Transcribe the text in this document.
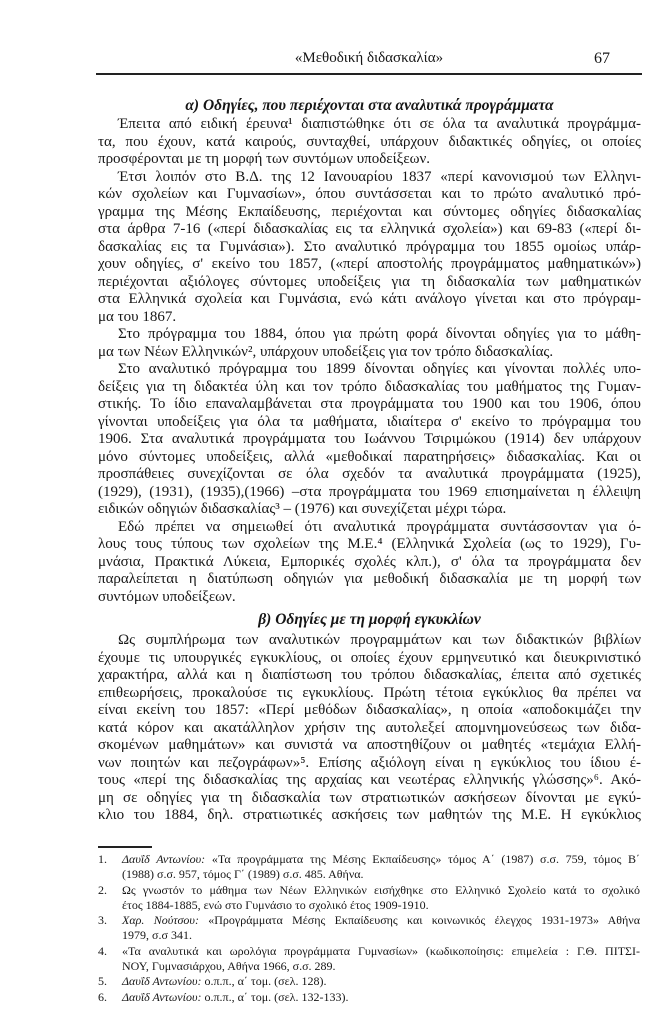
«Μεθοδική διδασκαλία»	67
α) Οδηγίες, που περιέχονται στα αναλυτικά προγράμματα
Έπειτα από ειδική έρευνα¹ διαπιστώθηκε ότι σε όλα τα αναλυτικά προγράμμα-
τα, που έχουν, κατά καιρούς, συνταχθεί, υπάρχουν διδακτικές οδηγίες, οι οποίες
προσφέρονται με τη μορφή των συντόμων υποδείξεων.
Έτσι λοιπόν στο Β.Δ. της 12 Ιανουαρίου 1837 «περί κανονισμού των Ελληνι-
κών σχολείων και Γυμνασίων», όπου συντάσσεται και το πρώτο αναλυτικό πρό-
γραμμα της Μέσης Εκπαίδευσης, περιέχονται και σύντομες οδηγίες διδασκαλίας
στα άρθρα 7-16 («περί διδασκαλίας εις τα ελληνικά σχολεία») και 69-83 («περί δι-
δασκαλίας εις τα Γυμνάσια»). Στο αναλυτικό πρόγραμμα του 1855 ομοίως υπάρ-
χουν οδηγίες, σ' εκείνο του 1857, («περί αποστολής προγράμματος μαθηματικών»)
περιέχονται αξιόλογες σύντομες υποδείξεις για τη διδασκαλία των μαθηματικών
στα Ελληνικά σχολεία και Γυμνάσια, ενώ κάτι ανάλογο γίνεται και στο πρόγραμ-
μα του 1867.
Στο πρόγραμμα του 1884, όπου για πρώτη φορά δίνονται οδηγίες για το μάθη-
μα των Νέων Ελληνικών², υπάρχουν υποδείξεις για τον τρόπο διδασκαλίας.
Στο αναλυτικό πρόγραμμα του 1899 δίνονται οδηγίες και γίνονται πολλές υπο-
δείξεις για τη διδακτέα ύλη και τον τρόπο διδασκαλίας του μαθήματος της Γυμαν-
στικής. Το ίδιο επαναλαμβάνεται στα προγράμματα του 1900 και του 1906, όπου
γίνονται υποδείξεις για όλα τα μαθήματα, ιδιαίτερα σ' εκείνο το πρόγραμμα του
1906. Στα αναλυτικά προγράμματα του Ιωάννου Τσιριμώκου (1914) δεν υπάρχουν
μόνο σύντομες υποδείξεις, αλλά «μεθοδικαί παρατηρήσεις» διδασκαλίας. Και οι
προσπάθειες συνεχίζονται σε όλα σχεδόν τα αναλυτικά προγράμματα (1925),
(1929), (1931), (1935),(1966) –στα προγράμματα του 1969 επισημαίνεται η έλλειψη
ειδικών οδηγιών διδασκαλίας³ – (1976) και συνεχίζεται μέχρι τώρα.
Εδώ πρέπει να σημειωθεί ότι αναλυτικά προγράμματα συντάσσονταν για ό-
λους τους τύπους των σχολείων της Μ.Ε.⁴ (Ελληνικά Σχολεία (ως το 1929), Γυ-
μνάσια, Πρακτικά Λύκεια, Εμπορικές σχολές κλπ.), σ' όλα τα προγράμματα δεν
παραλείπεται η διατύπωση οδηγιών για μεθοδική διδασκαλία με τη μορφή των
συντόμων υποδείξεων.
β) Οδηγίες με τη μορφή εγκυκλίων
Ως συμπλήρωμα των αναλυτικών προγραμμάτων και των διδακτικών βιβλίων
έχουμε τις υπουργικές εγκυκλίους, οι οποίες έχουν ερμηνευτικό και διευκρινιστικό
χαρακτήρα, αλλά και η διαπίστωση του τρόπου διδασκαλίας, έπειτα από σχετικές
επιθεωρήσεις, προκαλούσε τις εγκυκλίους. Πρώτη τέτοια εγκύκλιος θα πρέπει να
είναι εκείνη του 1857: «Περί μεθόδων διδασκαλίας», η οποία «αποδοκιμάζει την
κατά κόρον και ακατάλληλον χρήσιν της αυτολεξεί απομνημονεύσεως των διδα-
σκομένων μαθημάτων» και συνιστά να αποστηθίζουν οι μαθητές «τεμάχια Ελλή-
νων ποιητών και πεζογράφων»⁵. Επίσης αξιόλογη είναι η εγκύκλιος του ίδιου έ-
τους «περί της διδασκαλίας της αρχαίας και νεωτέρας ελληνικής γλώσσης»⁶. Ακό-
μη σε οδηγίες για τη διδασκαλία των στρατιωτικών ασκήσεων δίνονται με εγκύ-
κλιο του 1884, δηλ. στρατιωτικές ασκήσεις των μαθητών της Μ.Ε. Η εγκύκλιος
1.	Δαυΐδ Αντωνίου: «Τα προγράμματα της Μέσης Εκπαίδευσης» τόμος Α΄ (1987) σ.σ. 759, τόμος Β΄
(1988) σ.σ. 957, τόμος Γ΄ (1989) σ.σ. 485. Αθήνα.
2.	Ως γνωστόν το μάθημα των Νέων Ελληνικών εισήχθηκε στο Ελληνικό Σχολείο κατά το σχολικό
έτος 1884-1885, ενώ στο Γυμνάσιο το σχολικό έτος 1909-1910.
3.	Χαρ. Νούτσου: «Προγράμματα Μέσης Εκπαίδευσης και κοινωνικός έλεγχος 1931-1973» Αθήνα
1979, σ.σ 341.
4.	«Τα αναλυτικά και ωρολόγια προγράμματα Γυμνασίων» (κωδικοποίησις: επιμελεία : Γ.Θ. ΠΙΤΣΙ-
ΝΟΥ, Γυμνασιάρχου, Αθήνα 1966, σ.σ. 289.
5.	Δαυΐδ Αντωνίου: ο.π.π., α΄ τομ. (σελ. 128).
6.	Δαυΐδ Αντωνίου: ο.π.π., α΄ τομ. (σελ. 132-133).
